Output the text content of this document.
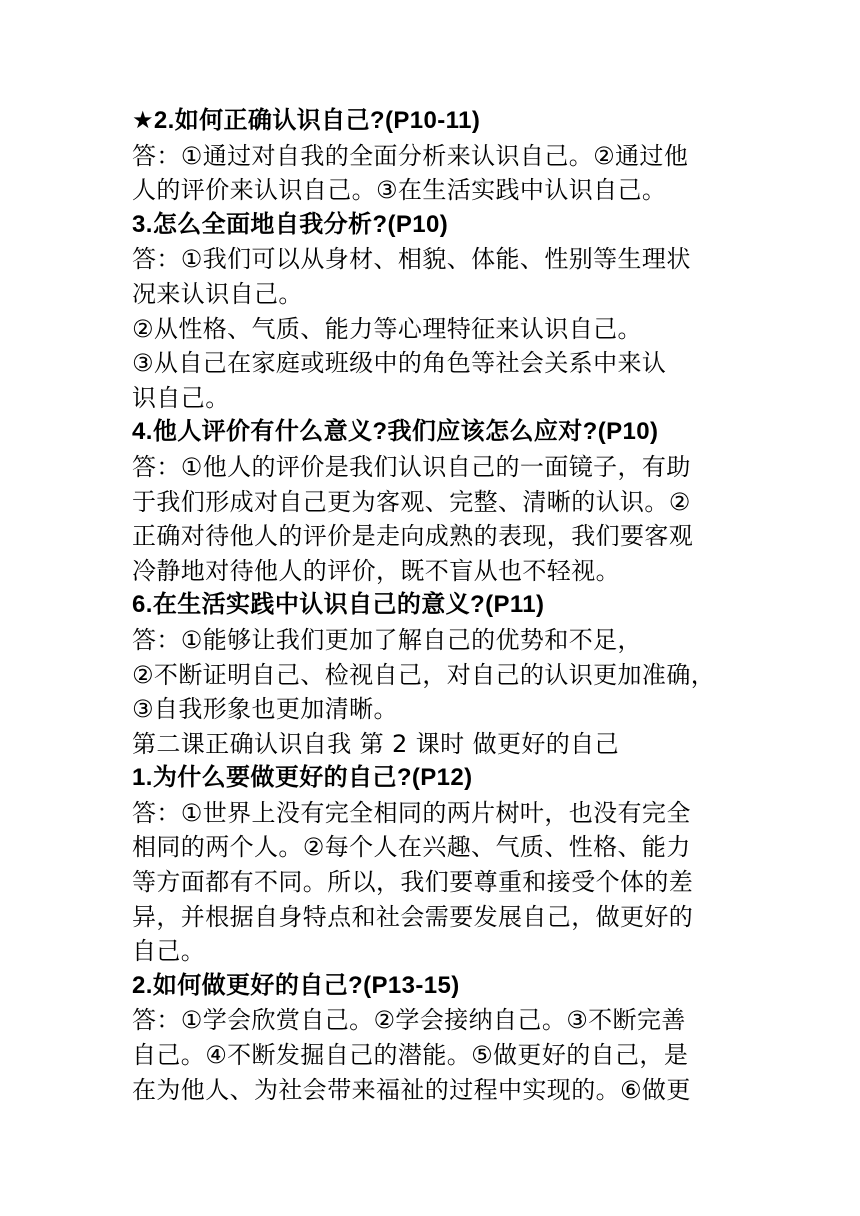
★2.如何正确认识自己?(P10-11)
答：①通过对自我的全面分析来认识自己。②通过他
人的评价来认识自己。③在生活实践中认识自己。
3.怎么全面地自我分析?(P10)
答：①我们可以从身材、相貌、体能、性别等生理状
况来认识自己。
②从性格、气质、能力等心理特征来认识自己。
③从自己在家庭或班级中的角色等社会关系中来认
识自己。
4.他人评价有什么意义?我们应该怎么应对?(P10)
答：①他人的评价是我们认识自己的一面镜子，有助
于我们形成对自己更为客观、完整、清晰的认识。②
正确对待他人的评价是走向成熟的表现，我们要客观
冷静地对待他人的评价，既不盲从也不轻视。
6.在生活实践中认识自己的意义?(P11)
答：①能够让我们更加了解自己的优势和不足，
②不断证明自己、检视自己，对自己的认识更加准确，
③自我形象也更加清晰。
第二课正确认识自我 第 2 课时 做更好的自己
1.为什么要做更好的自己?(P12)
答：①世界上没有完全相同的两片树叶，也没有完全
相同的两个人。②每个人在兴趣、气质、性格、能力
等方面都有不同。所以，我们要尊重和接受个体的差
异，并根据自身特点和社会需要发展自己，做更好的
自己。
2.如何做更好的自己?(P13-15)
答：①学会欣赏自己。②学会接纳自己。③不断完善
自己。④不断发掘自己的潜能。⑤做更好的自己，是
在为他人、为社会带来福祉的过程中实现的。⑥做更
